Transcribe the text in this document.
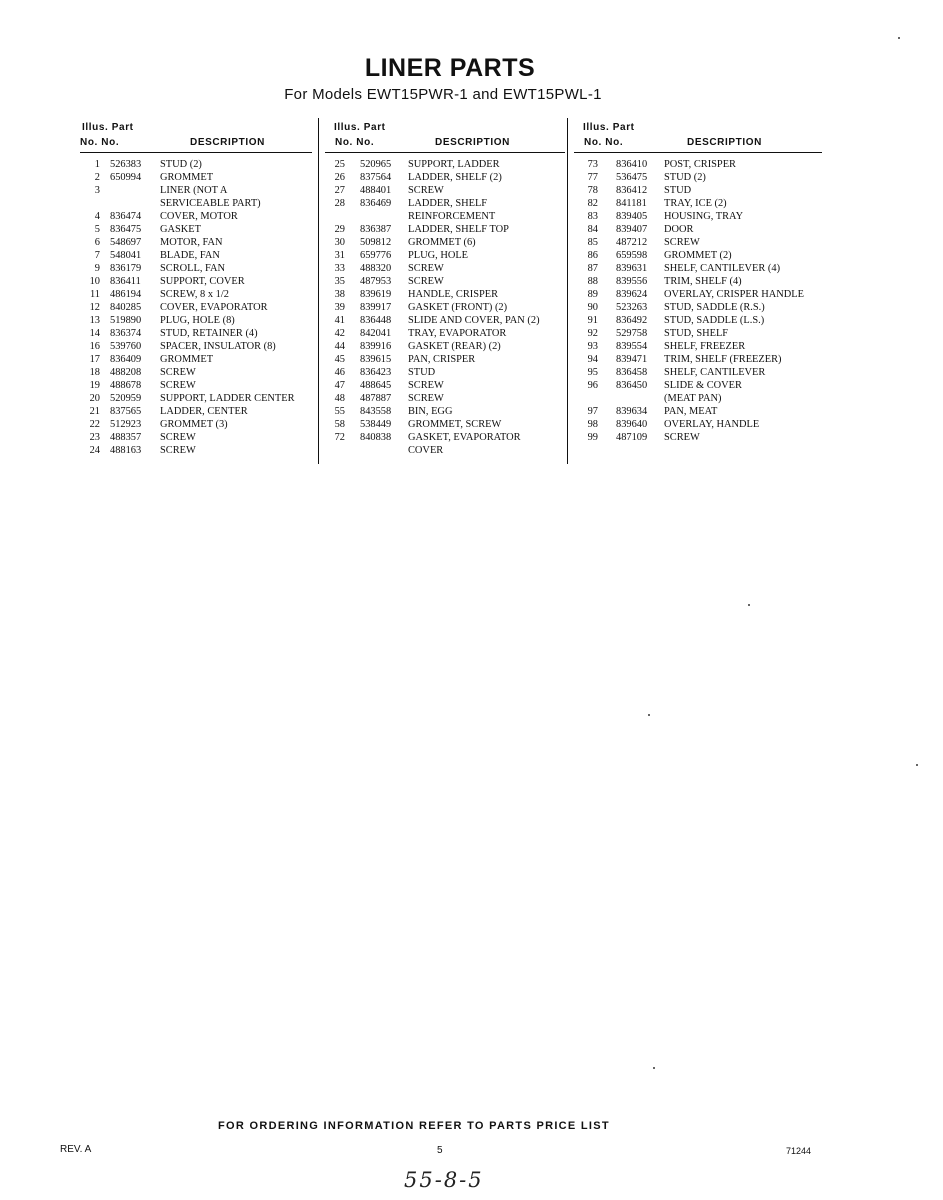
LINER PARTS
For Models EWT15PWR-1 and EWT15PWL-1
Illus. Part
No. No.	DESCRIPTION
1 526383 STUD (2)
2 650994 GROMMET
3	LINER (NOT A
SERVICEABLE PART)
4 836474 COVER, MOTOR
5 836475 GASKET
6 548697 MOTOR, FAN
7 548041 BLADE, FAN
9 836179 SCROLL, FAN
10 836411 SUPPORT, COVER
11 486194 SCREW, 8 x 1/2
12 840285 COVER, EVAPORATOR
13 519890 PLUG, HOLE (8)
14 836374 STUD, RETAINER (4)
16 539760 SPACER, INSULATOR (8)
17 836409 GROMMET
18 488208 SCREW
19 488678 SCREW
20 520959 SUPPORT, LADDER CENTER
21 837565 LADDER, CENTER
22 512923 GROMMET (3)
23 488357 SCREW
24 488163 SCREW
Illus. Part
No. No.	DESCRIPTION
25 520965 SUPPORT, LADDER
26 837564 LADDER, SHELF (2)
27 488401 SCREW
28 836469 LADDER, SHELF
REINFORCEMENT
29 836387 LADDER, SHELF TOP
30 509812 GROMMET (6)
31 659776 PLUG, HOLE
33 488320 SCREW
35 487953 SCREW
38 839619 HANDLE, CRISPER
39 839917 GASKET (FRONT) (2)
41 836448 SLIDE AND COVER, PAN (2)
42 842041 TRAY, EVAPORATOR
44 839916 GASKET (REAR) (2)
45 839615 PAN, CRISPER
46 836423 STUD
47 488645 SCREW
48 487887 SCREW
55 843558 BIN, EGG
58 538449 GROMMET, SCREW
72 840838 GASKET, EVAPORATOR
COVER
Illus. Part
No. No.	DESCRIPTION
73 836410 POST, CRISPER
77 536475 STUD (2)
78 836412 STUD
82 841181 TRAY, ICE (2)
83 839405 HOUSING, TRAY
84 839407 DOOR
85 487212 SCREW
86 659598 GROMMET (2)
87 839631 SHELF, CANTILEVER (4)
88 839556 TRIM, SHELF (4)
89 839624 OVERLAY, CRISPER HANDLE
90 523263 STUD, SADDLE (R.S.)
91 836492 STUD, SADDLE (L.S.)
92 529758 STUD, SHELF
93 839554 SHELF, FREEZER
94 839471 TRIM, SHELF (FREEZER)
95 836458 SHELF, CANTILEVER
96 836450 SLIDE & COVER
(MEAT PAN)
97 839634 PAN, MEAT
98 839640 OVERLAY, HANDLE
99 487109 SCREW
FOR ORDERING INFORMATION REFER TO PARTS PRICE LIST
REV. A	5	71244
55-8-5
